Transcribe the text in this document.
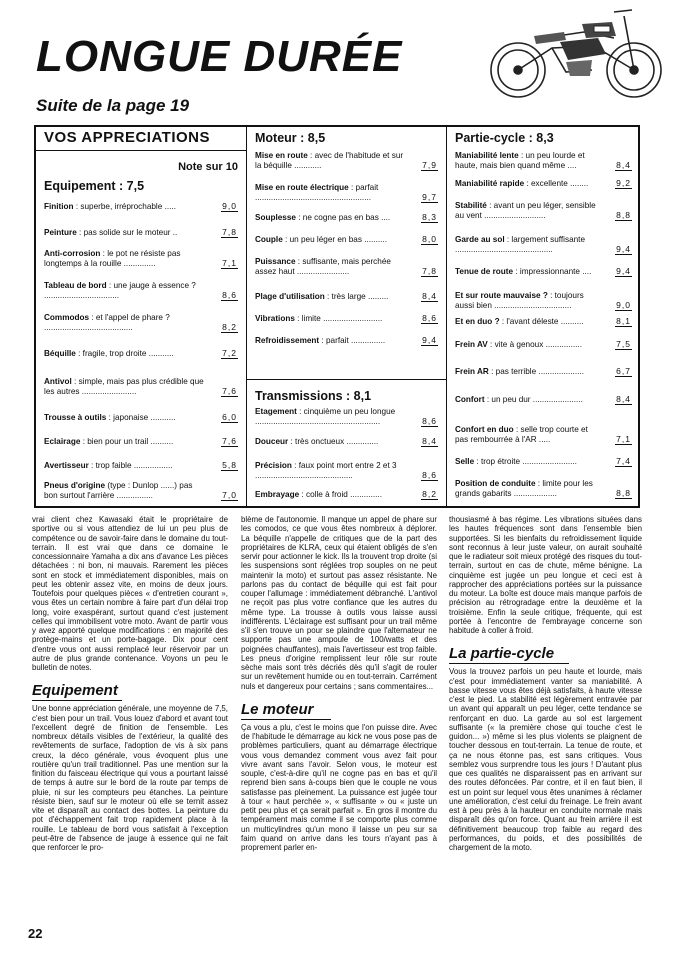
LONGUE DURÉE
Suite de la page 19
VOS APPRECIATIONS
Note sur 10
Equipement : 7,5
Finition : superbe, irréprochable .....	9,0
Peinture : pas solide sur le moteur ..	7,8
Anti-corrosion : le pot ne résiste pas longtemps à la rouille ..............	7,1
Tableau de bord : une jauge à essence ? .................................	8,6
Commodos : et l'appel de phare ? .......................................	8,2
Béquille : fragile, trop droite ...........	7,2
Antivol : simple, mais pas plus crédible que les autres ........................	7,6
Trousse à outils : japonaise ...........	6,0
Eclairage : bien pour un trail ..........	7,6
Avertisseur : trop faible .................	5,8
Pneus d'origine (type : Dunlop ......) pas bon surtout l'arrière ................	7,0
Moteur : 8,5
Mise en route : avec de l'habitude et sur la béquille ............	7,9
Mise en route électrique : parfait ...................................................	9,7
Souplesse : ne cogne pas en bas ....	8,3
Couple : un peu léger en bas ..........	8,0
Puissance : suffisante, mais perchée assez haut .......................	7,8
Plage d'utilisation : très large .........	8,4
Vibrations : limite ..........................	8,6
Refroidissement : parfait ...............	9,4
Transmissions : 8,1
Etagement : cinquième un peu longue .......................................................	8,6
Douceur : très onctueux ..............	8,4
Précision : faux point mort entre 2 et 3 ...........................................	8,6
Embrayage : colle à froid ..............	8,2
Partie-cycle : 8,3
Maniabilité lente : un peu lourde et haute, mais bien quand même ....	8,4
Maniabilité rapide : excellente ........	9,2
Stabilité : avant un peu léger, sensible au vent ...........................	8,8
Garde au sol : largement suffisante ...........................................	9,4
Tenue de route : impressionnante ....	9,4
Et sur route mauvaise ? : toujours aussi bien ..................................	9,0
Et en duo ? : l'avant déleste ..........	8,1
Frein AV : vite à genoux ................	7,5
Frein AR : pas terrible ....................	6,7
Confort : un peu dur ......................	8,4
Confort en duo : selle trop courte et pas rembourrée à l'AR .....	7,1
Selle : trop étroite ........................	7,4
Position de conduite : limite pour les grands gabarits ...................	8,8

vrai client chez Kawasaki était le propriétaire de sportive ou si vous attendiez de lui un peu plus de compétence ou de savoir-faire dans le domaine du tout-terrain. Il est vrai que dans ce domaine le concessionnaire Yamaha a dix ans d'avance Les pièces détachées : ni bon, ni mauvais. Rarement les pièces sont en stock et immédiatement disponibles, mais on peut les obtenir assez vite, en moins de deux jours. Toutefois pour quelques pièces « d'entretien courant », vous êtes un certain nombre à faire part d'un délai trop long, voire exaspérant, surtout quand c'est justement celles qui immobilisent votre moto. Avant de partir vous y avez apporté quelque modifications : en majorité des protège-mains et un porte-bagage. Dix pour cent d'entre vous ont aussi remplacé leur réservoir par un autre de plus grande contenance. Voyons un peu le bulletin de notes.

Equipement

Une bonne appréciation générale, une moyenne de 7,5, c'est bien pour un trail. Vous louez d'abord et avant tout l'excellent degré de finition de l'ensemble. Les nombreux détails visibles de l'extérieur, la qualité des revêtements de surface, l'adoption de vis à six pans creux, la déco générale, vous évoquent plus une routière qu'un trail traditionnel. Pas une mention sur la finition du faisceau électrique qui vous a pourtant laissé de temps à autre sur le bord de la route par temps de pluie, ni sur les compteurs peu étanches. La peinture résiste bien, sauf sur le moteur où elle se ternit assez vite et disparaît au contact des bottes. La peinture du pot d'échappement fait trop rapidement place à la rouille. Le tableau de bord vous satisfait à l'exception peut-être de l'absence de jauge à essence qui ne fait que renforcer le pro-

blème de l'autonomie. Il manque un appel de phare sur les comodos, ce que vous êtes nombreux à déplorer. La béquille n'appelle de critiques que de la part des propriétaires de KLRA, ceux qui étaient obligés de s'en servir pour actionner le kick. Ils la trouvent trop droite (si les suspensions sont réglées trop souples on ne peut maintenir la moto) et surtout pas assez résistante. Ne parlons pas du contact de béquille qui est fait pour couper l'allumage : immédiatement débranché. L'antivol ne reçoit pas plus votre confiance que les autres du même type. La trousse à outils vous laisse aussi indifférents. L'éclairage est suffisant pour un trail même s'il s'en trouve un pour se plaindre que l'alternateur ne supporte pas une ampoule de 100/watts et des poignées chauffantes), mais l'avertisseur est trop faible. Les pneus d'origine remplissent leur rôle sur route sèche mais sont très décriés dès qu'il s'agit de rouler sur un revêtement humide ou en tout-terrain. Carrément nuls et dangereux pour certains ; sans commentaires...

Le moteur

Ça vous a plu, c'est le moins que l'on puisse dire. Avec de l'habitude le démarrage au kick ne vous pose pas de problèmes particuliers, quant au démarrage électrique vous vous demandez comment vous avez fait pour vivre avant sans l'avoir. Selon vous, le moteur est souple, c'est-à-dire qu'il ne cogne pas en bas et qu'il reprend bien sans à-coups bien que le couple ne vous satisfasse pas pleinement. La puissance est jugée tour à tour « haut perchée », « suffisante » ou « juste un petit peu plus et ça serait parfait ». En gros il montre du tempérament mais comme il se comporte plus comme un multicylindres qu'un mono il laisse un peu sur sa faim quand on arrive dans les tours n'ayant pas à proprement parler en-

thousiasmé à bas régime. Les vibrations situées dans les hautes fréquences sont dans l'ensemble bien supportées. Si les bienfaits du refroidissement liquide sont reconnus à leur juste valeur, on aurait souhaité que le radiateur soit mieux protégé des risques du tout-terrain, surtout en cas de chute, même bénigne. La cinquième est jugée un peu longue et ceci est à rapprocher des appréciations portées sur la puissance du moteur. La boîte est douce mais manque parfois de précision au rétrogradage entre la deuxième et la troisième. Enfin la seule critique, fréquente, qui est portée à l'encontre de l'embrayage concerne son habitude à coller à froid.

La partie-cycle

Vous la trouvez parfois un peu haute et lourde, mais c'est pour immédiatement vanter sa maniabilité. A basse vitesse vous êtes déjà satisfaits, à haute vitesse c'est le pied. La stabilité est légèrement entravée par un avant qui apparaît un peu léger, cette tendance se renforçant en duo. La garde au sol est largement suffisante (« la première chose qui touche c'est le guidon... ») même si les plus violents se plaignent de toucher dessous en tout-terrain. La tenue de route, et ça ne nous étonne pas, est sans critiques. Vous semblez vous surprendre tous les jours ! D'autant plus que ces qualités ne disparaissent pas en arrivant sur des routes défoncées. Par contre, et il en faut bien, il est un point sur lequel vous êtes unanimes à réclamer une amélioration, c'est celui du freinage. Le frein avant est à peu près à la hauteur en conduite normale mais disparaît dès qu'on force. Quant au frein arrière il est définitivement beaucoup trop faible au regard des performances, du poids, et des possibilités de chargement de la moto.

22
